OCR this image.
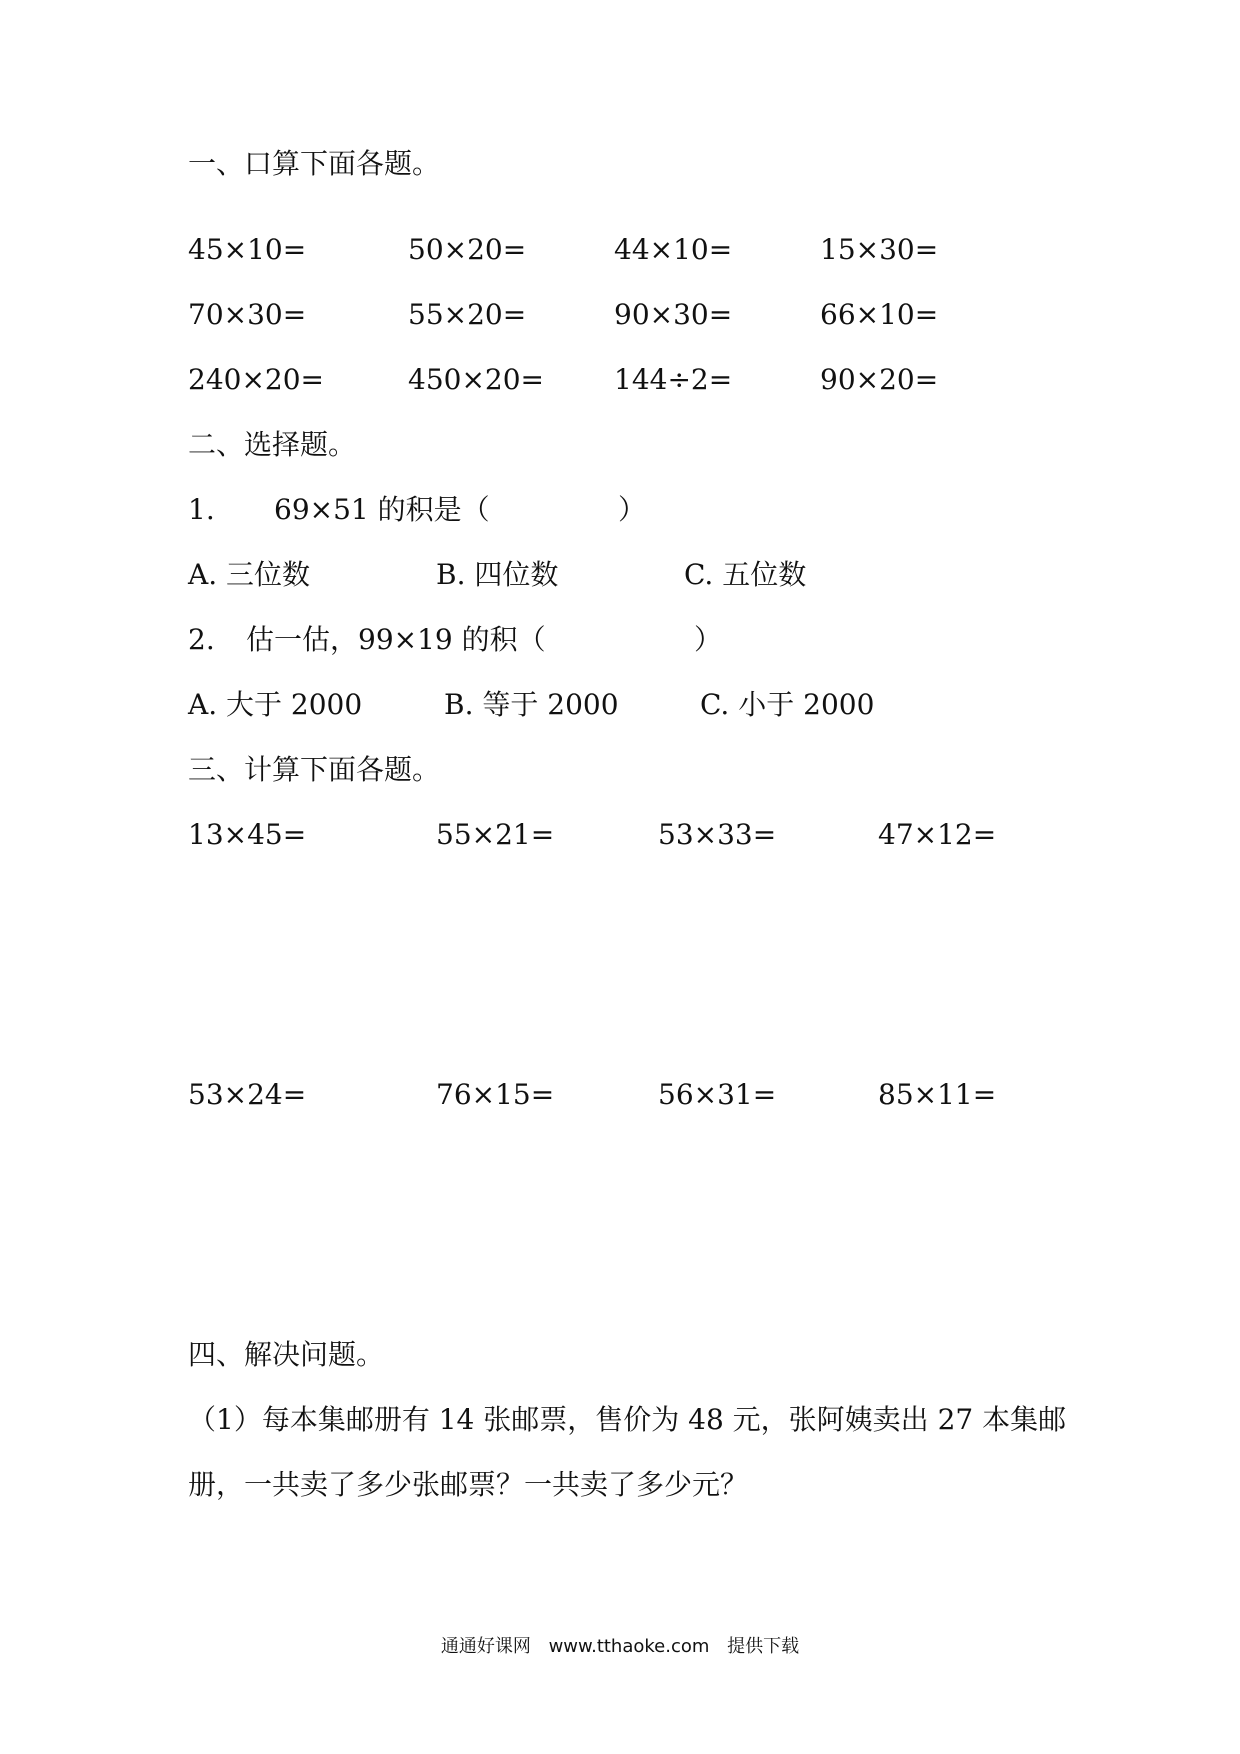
一、口算下面各题。
45×10=	50×20=	44×10=	15×30=
70×30=	55×20=	90×30=	66×10=
240×20=	450×20=	144÷2=	90×20=
二、选择题。
1. 69×51 的积是（	）
A. 三位数	B. 四位数	C. 五位数
2. 估一估，99×19 的积（	）
A. 大于 2000	B. 等于 2000	C. 小于 2000
三、计算下面各题。
13×45=	55×21=	53×33=	47×12=
53×24=	76×15=	56×31=	85×11=
四、解决问题。
（1）每本集邮册有 14 张邮票，售价为 48 元，张阿姨卖出 27 本集邮
册，一共卖了多少张邮票？一共卖了多少元？
通通好课网 www.tthaoke.com 提供下载
